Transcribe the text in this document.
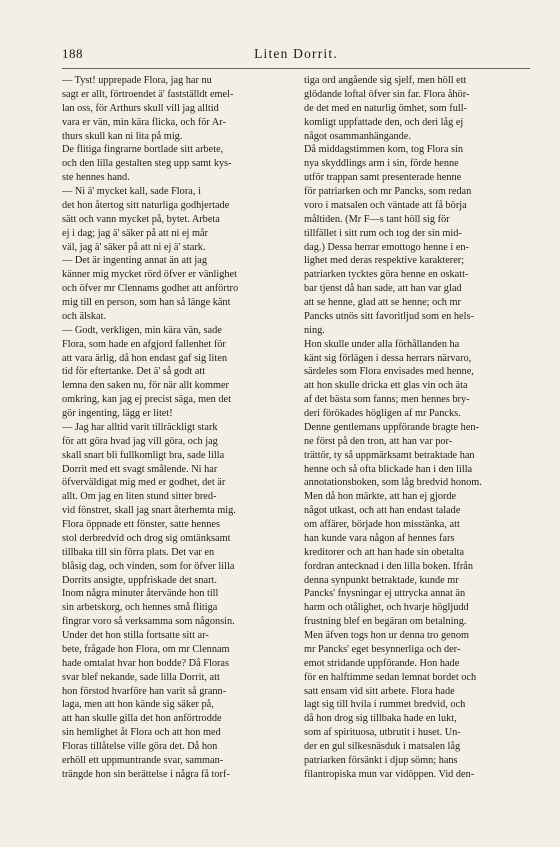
188	Liten Dorrit.
— Tyst! upprepade Flora, jag har nu
sagt er allt, förtroendet ä' fastställdt emel-
lan oss, för Arthurs skull vill jag alltid
vara er vän, min kära flicka, och för Ar-
thurs skull kan ni lita på mig.
De flitiga fingrarne bortlade sitt arbete,
och den lilla gestalten steg upp samt kys-
ste hennes hand.
— Ni ä' mycket kall, sade Flora, i
det hon återtog sitt naturliga godhjertade
sätt och vann mycket på, bytet. Arbeta
ej i dag; jag ä' säker på att ni ej mår
väl, jag ä' säker på att ni ej ä' stark.
— Det är ingenting annat än att jag
känner mig mycket rörd öfver er vänlighet
och öfver mr Clennams godhet att anförtro
mig till en person, som han så länge känt
och älskat.
— Godt, verkligen, min kära vän, sade
Flora, som hade en afgjord fallenhet för
att vara ärlig, då hon endast gaf sig liten
tid för eftertanke. Det ä' så godt att
lemna den saken nu, för när allt kommer
omkring, kan jag ej precist säga, men det
gör ingenting, lägg er litet!
— Jag har alltid varit tillräckligt stark
för att göra hvad jag vill göra, och jag
skall snart bli fullkomligt bra, sade lilla
Dorrit med ett svagt smålende. Ni har
öfverväldigat mig med er godhet, det är
allt. Om jag en liten stund sitter bred-
vid fönstret, skall jag snart återhemta mig.
Flora öppnade ett fönster, satte hennes
stol derbredvid och drog sig omtänksamt
tillbaka till sin förra plats. Det var en
blåsig dag, och vinden, som for öfver lilla
Dorrits ansigte, uppfriskade det snart.
Inom några minuter återvände hon till
sin arbetskorg, och hennes små flitiga
fingrar voro så verksamma som någonsin.
Under det hon stilla fortsatte sitt ar-
bete, frågade hon Flora, om mr Clennam
hade omtalat hvar hon bodde? Då Floras
svar blef nekande, sade lilla Dorrit, att
hon förstod hvarföre han varit så grann-
laga, men att hon kände sig säker på,
att han skulle gilla det hon anförtrodde
sin hemlighet åt Flora och att hon med
Floras tillåtelse ville göra det. Då hon
erhöll ett uppmuntrande svar, samman-
trängde hon sin berättelse i några få torf-
tiga ord angående sig sjelf, men höll ett
glödande loftal öfver sin far. Flora åhör-
de det med en naturlig ömhet, som full-
komligt uppfattade den, och deri låg ej
något osammanhängande.
Då middagstimmen kom, tog Flora sin
nya skyddlings arm i sin, förde henne
utför trappan samt presenterade henne
för patriarken och mr Pancks, som redan
voro i matsalen och väntade att få börja
måltiden. (Mr F—s tant höll sig för
tillfället i sitt rum och tog der sin mid-
dag.) Dessa herrar emottogo henne i en-
lighet med deras respektive karakterer;
patriarken tycktes göra henne en oskatt-
bar tjenst då han sade, att han var glad
att se henne, glad att se henne; och mr
Pancks utnös sitt favoritljud som en hels-
ning.
Hon skulle under alla förhållanden ha
känt sig förlägen i dessa herrars närvaro,
särdeles som Flora envisades med henne,
att hon skulle dricka ett glas vin och äta
af det bästa som fanns; men hennes bry-
deri förökades högligen af mr Pancks.
Denne gentlemans uppförande bragte hen-
ne först på den tron, att han var por-
trättör, ty så uppmärksamt betraktade han
henne och så ofta blickade han i den lilla
annotationsboken, som låg bredvid honom.
Men då hon märkte, att han ej gjorde
något utkast, och att han endast talade
om affärer, började hon misstänka, att
han kunde vara någon af hennes fars
kreditorer och att han hade sin obetalta
fordran antecknad i den lilla boken. Ifrån
denna synpunkt betraktade, kunde mr
Pancks' fnysningar ej uttrycka annat än
harm och otålighet, och hvarje högljudd
frustning blef en begäran om betalning.
Men äfven togs hon ur denna tro genom
mr Pancks' eget besynnerliga och der-
emot stridande uppförande. Hon hade
för en halftimme sedan lemnat bordet och
satt ensam vid sitt arbete. Flora hade
lagt sig till hvila i rummet bredvid, och
då hon drog sig tillbaka hade en lukt,
som af spirituosa, utbrutit i huset. Un-
der en gul silkesnäsduk i matsalen låg
patriarken försänkt i djup sömn; hans
filantropiska mun var vidöppen. Vid den-
